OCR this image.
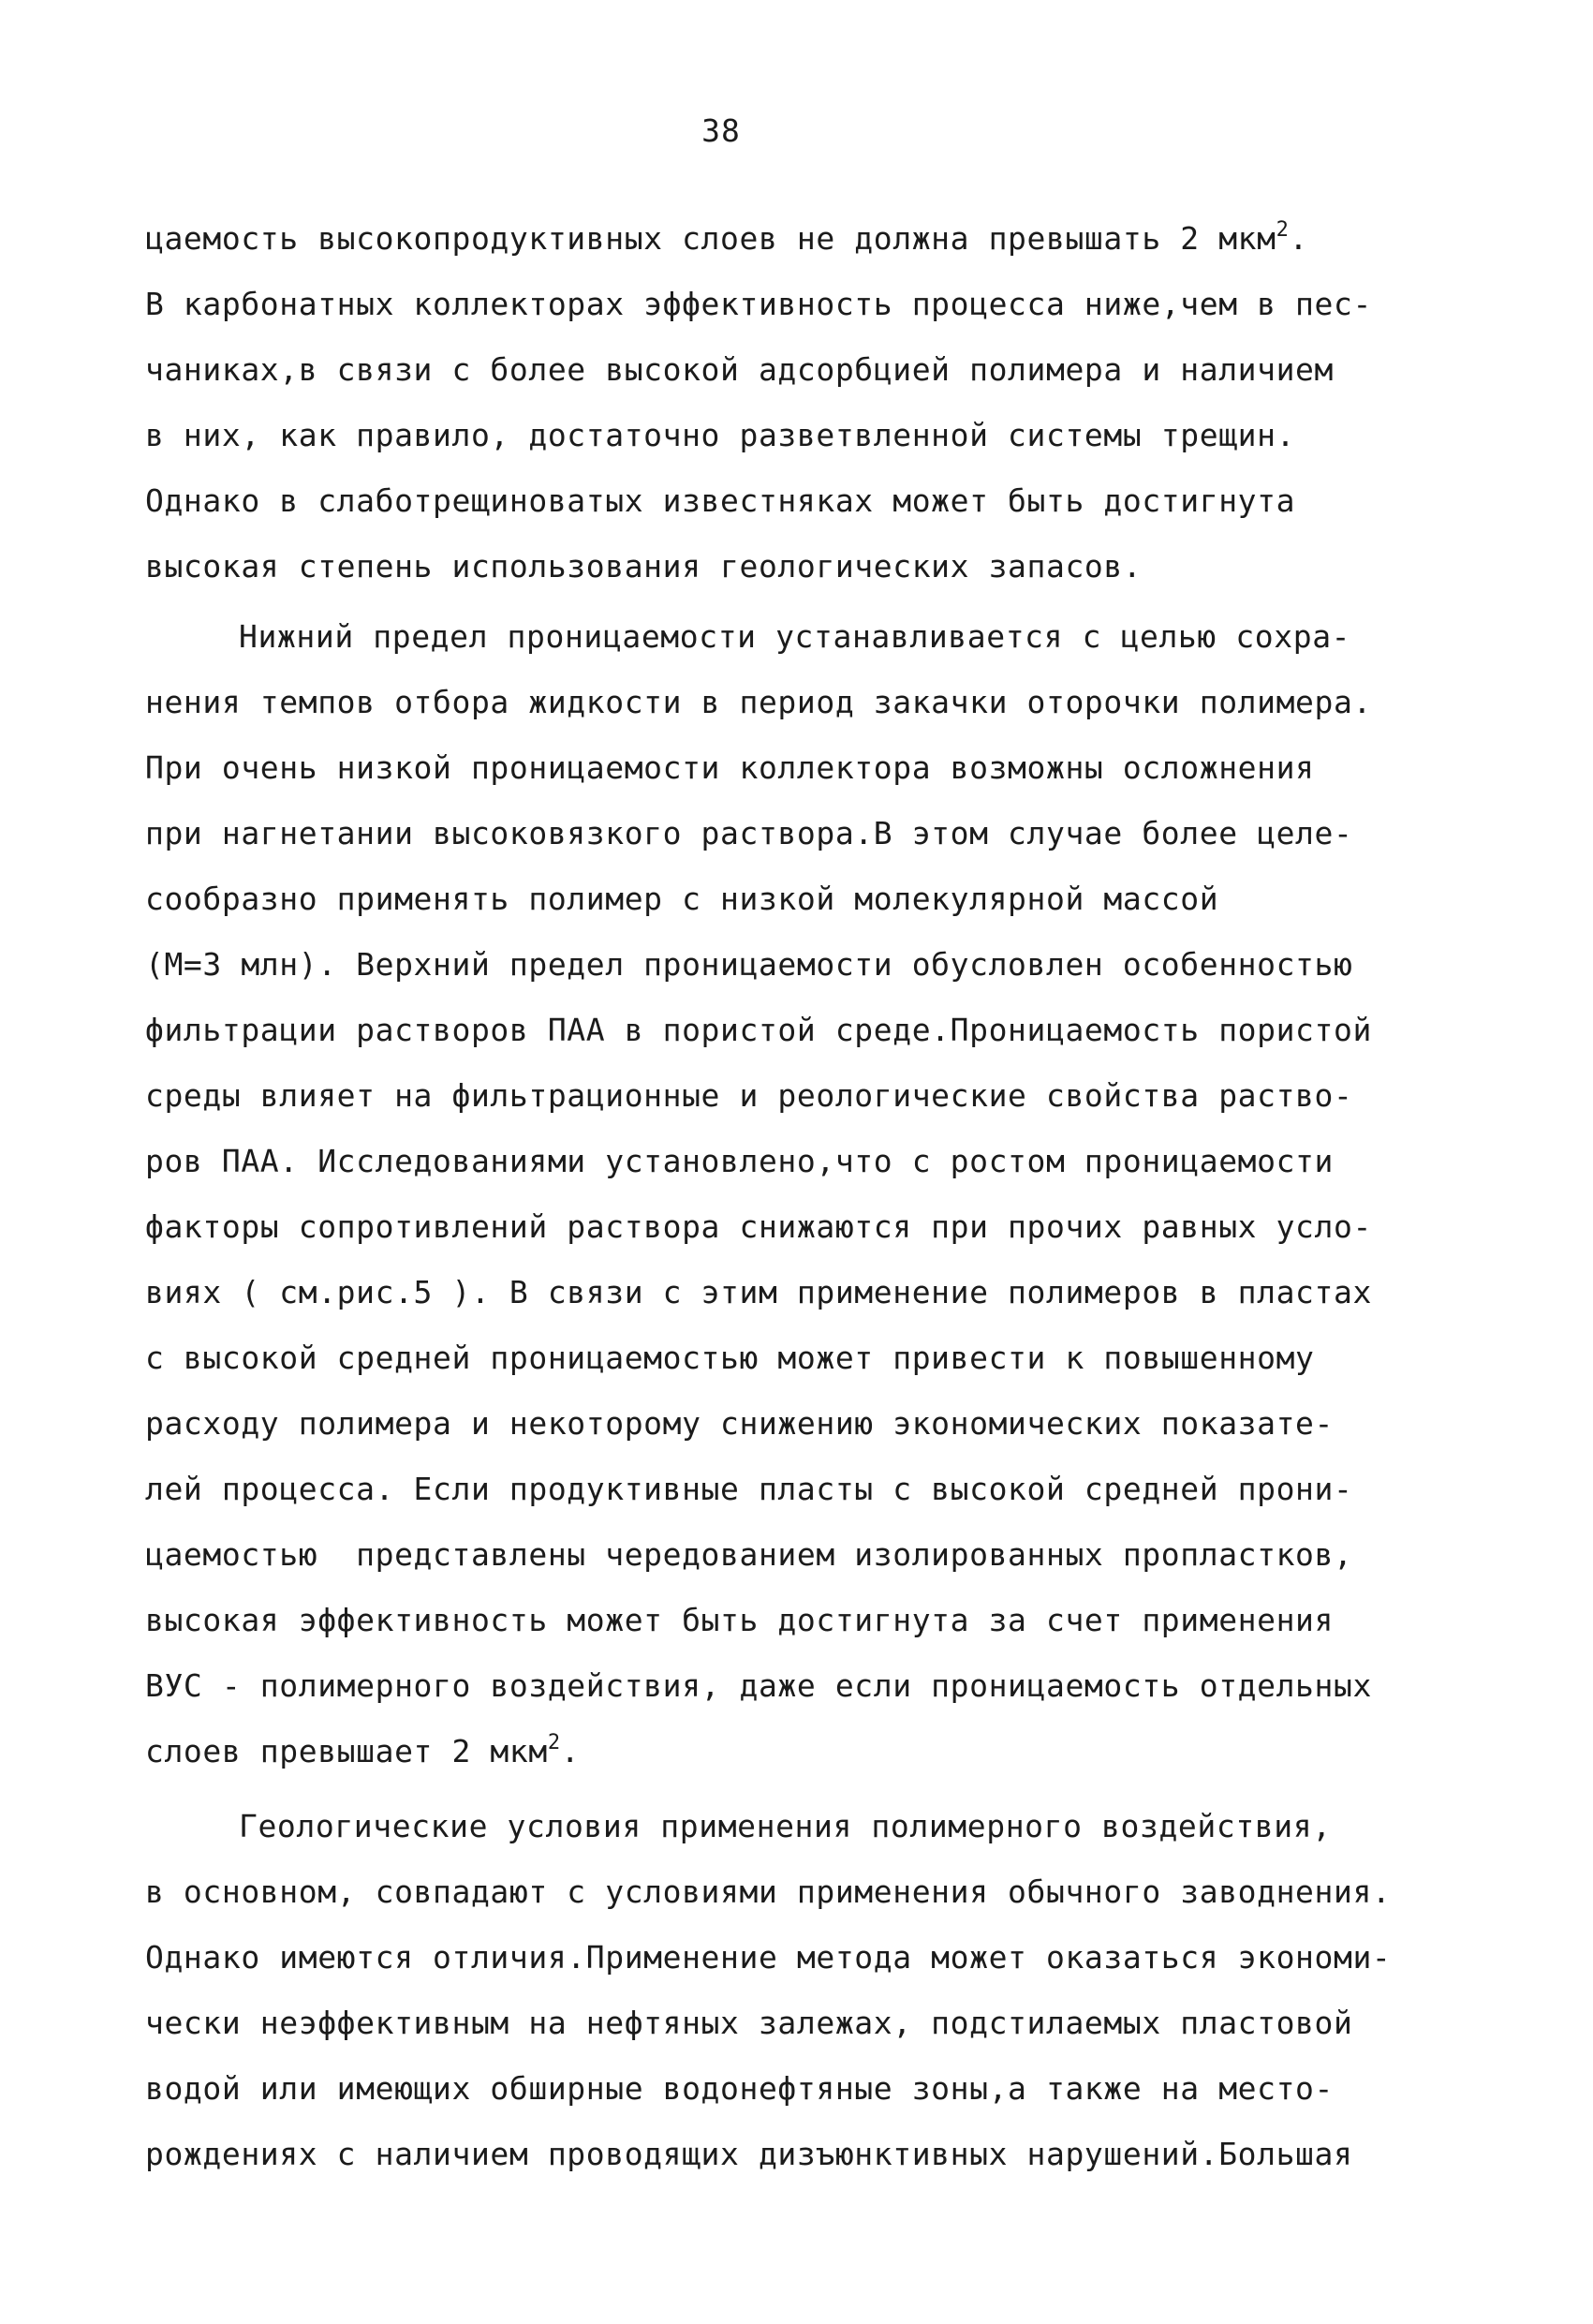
38
цаемость высокопродуктивных слоев не должна превышать 2 мкм$^2$.
В карбонатных коллекторах эффективность процесса ниже,чем в пес-
чаниках,в связи с более высокой адсорбцией полимера и наличием
в них, как правило, достаточно разветвленной системы трещин.
Однако в слаботрещиноватых известняках может быть достигнута
высокая степень использования геологических запасов.
Нижний предел проницаемости устанавливается с целью сохра-
нения темпов отбора жидкости в период закачки оторочки полимера.
При очень низкой проницаемости коллектора возможны осложнения
при нагнетании высоковязкого раствора.В этом случае более целе-
сообразно применять полимер с низкой молекулярной массой
(М=3 млн). Верхний предел проницаемости обусловлен особенностью
фильтрации растворов ПАА в пористой среде.Проницаемость пористой
среды влияет на фильтрационные и реологические свойства раство-
ров ПАА. Исследованиями установлено,что с ростом проницаемости
факторы сопротивлений раствора снижаются при прочих равных усло-
виях ( см.рис.5 ). В связи с этим применение полимеров в пластах
с высокой средней проницаемостью может привести к повышенному
расходу полимера и некоторому снижению экономических показате-
лей процесса. Если продуктивные пласты с высокой средней прони-
цаемостью  представлены чередованием изолированных пропластков,
высокая эффективность может быть достигнута за счет применения
ВУС - полимерного воздействия, даже если проницаемость отдельных
слоев превышает 2 мкм$^2$.
Геологические условия применения полимерного воздействия,
в основном, совпадают с условиями применения обычного заводнения.
Однако имеются отличия.Применение метода может оказаться экономи-
чески неэффективным на нефтяных залежах, подстилаемых пластовой
водой или имеющих обширные водонефтяные зоны,а также на место-
рождениях с наличием проводящих дизъюнктивных нарушений.Большая
